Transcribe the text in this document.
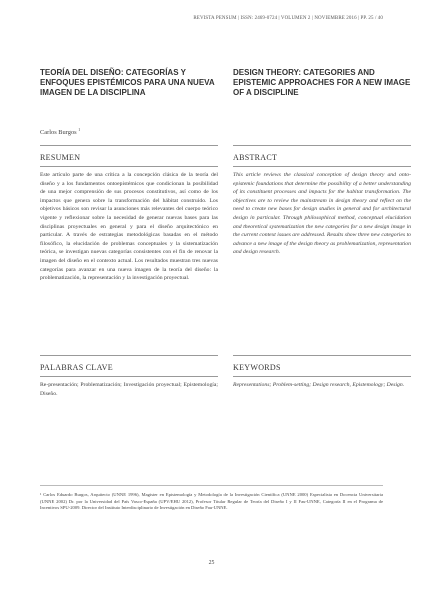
REVISTA PENSUM | ISSN: 2469-0724 | VOLUMEN 2 | NOVIEMBRE 2016 | PP. 25 / 40
TEORÍA DEL DISEÑO: CATEGORÍAS Y ENFOQUES EPISTÉMICOS PARA UNA NUEVA IMAGEN DE LA DISCIPLINA
DESIGN THEORY: CATEGORIES AND EPISTEMIC APPROACHES FOR A NEW IMAGE OF A DISCIPLINE
Carlos Burgos $^1$
RESUMEN
Este artículo parte de una crítica a la concepción clásica de la teoría del diseño y a los fundamentos ontoepistémicos que condicionan la posibilidad de una mejor comprensión de sus procesos constitutivos, así como de los impactos que genera sobre la transformación del hábitat construido. Los objetivos básicos son revisar la asunciones más relevantes del cuerpo teórico vigente y reflexionar sobre la necesidad de generar nuevas bases para las disciplinas proyectuales en general y para el diseño arquitectónico en particular. A través de estrategias metodológicas basadas en el método filosófico, la elucidación de problemas conceptuales y la sistematización teórica, se investigan nuevas categorías consistentes con el fin de renovar la imagen del diseño en el contexto actual. Los resultados muestran tres nuevas categorías para avanzar en una nueva imagen de la teoría del diseño: la problematización, la representación y la investigación proyectual.
ABSTRACT
This article reviews the classical conception of design theory and onto-epistemic foundations that determine the possibility of a better understanding of its constituent processes and impacts for the habitat transformation. The objectives are to review the mainstream in design theory and reflect on the need to create new bases for design studies in general and for architectural design in particular. Through philosophical method, conceptual elucidation and theoretical systematization the new categories for a new design image in the current context issues are addressed. Results show three new categories to advance a new image of the design theory as problematization, representation and design research.
PALABRAS CLAVE
Re-presentación; Problematización; Investigación proyectual; Epistemología; Diseño.
KEYWORDS
Representations; Problem-setting; Design research, Epistemology; Design.
¹ Carlos Eduardo Burgos, Arquitecto (UNNE 1996), Magister en Epistemología y Metodología de la Investigación Científica (UNNE 2000) Especialista en Docencia Universitaria (UNNE 2002) Dr. por la Universidad del País Vasco-España (UPV/EHU 2012), Profesor Titular Regular de Teoría del Diseño I y II Fau-UNNE, Categoría II en el Programa de Incentivos SPU-2009. Director del Instituto Interdisciplinario de Investigación en Diseño Fau-UNNE.
25
